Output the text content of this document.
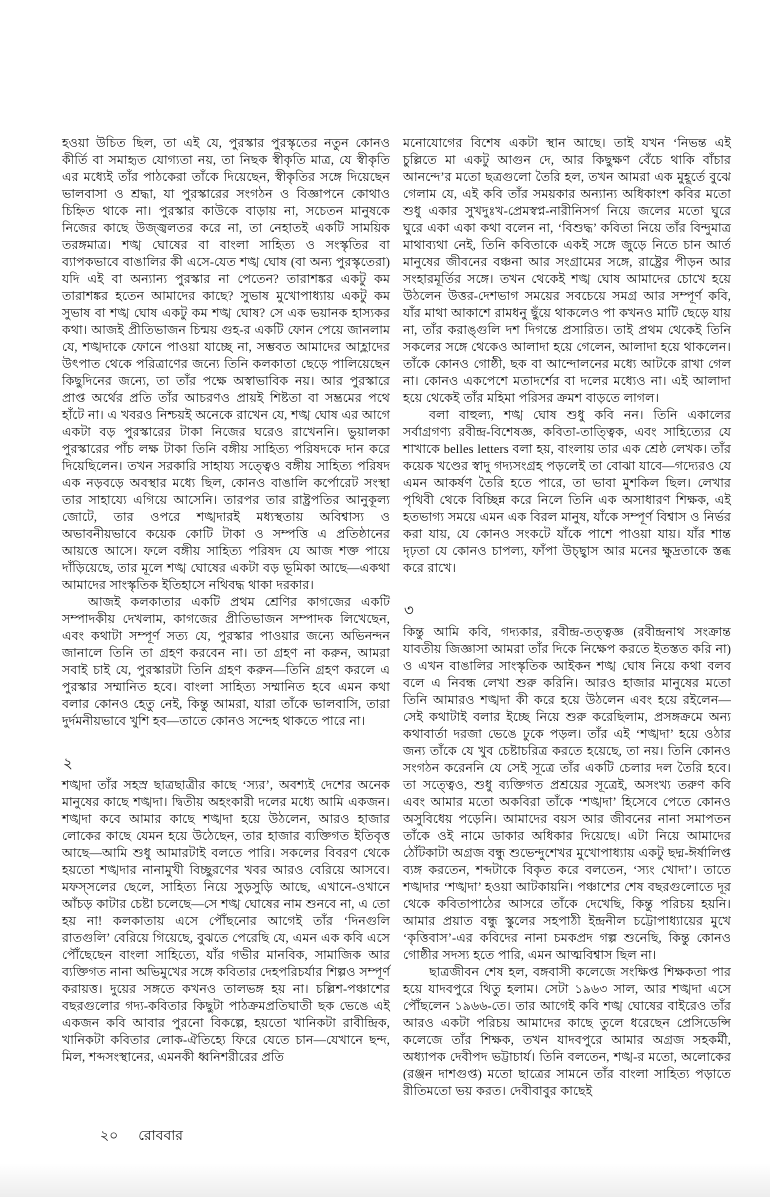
হওয়া উচিত ছিল, তা এই যে, পুরস্কার পুরস্কৃতের নতুন কোনও কীর্তি বা সমাহৃত যোগ্যতা নয়, তা নিছক স্বীকৃতি মাত্র, যে স্বীকৃতি এর মধ্যেই তাঁর পাঠকেরা তাঁকে দিয়েছেন, স্বীকৃতির সঙ্গে দিয়েছেন ভালবাসা ও শ্রদ্ধা, যা পুরস্কারের সংগঠন ও বিজ্ঞাপনে কোথাও চিহ্নিত থাকে না। পুরস্কার কাউকে বাড়ায় না, সচেতন মানুষকে নিজের কাছে উজ্জ্বলতর করে না, তা নেহাতই একটি সাময়িক তরঙ্গমাত্র। শঙ্খ ঘোষের বা বাংলা সাহিত্য ও সংস্কৃতির বা ব্যাপকভাবে বাঙালির কী এসে-যেত শঙ্খ ঘোষ (বা অন্য পুরস্কৃতেরা) যদি এই বা অন্যান্য পুরস্কার না পেতেন? তারাশঙ্কর একটু কম তারাশঙ্কর হতেন আমাদের কাছে? সুভাষ মুখোপাধ্যায় একটু কম সুভাষ বা শঙ্খ ঘোষ একটু কম শঙ্খ ঘোষ? সে এক ভয়ানক হাস্যকর কথা। আজই প্রীতিভাজন চিন্ময় গুহ-র একটি ফোন পেয়ে জানলাম যে, শঙ্খদাকে ফোনে পাওয়া যাচ্ছে না, সম্ভবত আমাদের আহ্লাদের উৎপাত থেকে পরিত্রাণের জন্যে তিনি কলকাতা ছেড়ে পালিয়েছেন কিছুদিনের জন্যে, তা তাঁর পক্ষে অস্বাভাবিক নয়। আর পুরস্কারে প্রাপ্ত অর্থের প্রতি তাঁর আচরণও প্রায়ই শিষ্টতা বা সম্ভ্রমের পথে হাঁটে না। এ খবরও নিশ্চয়ই অনেকে রাখেন যে, শঙ্খ ঘোষ এর আগে একটা বড় পুরস্কারের টাকা নিজের ঘরেও রাখেননি। ভুয়ালকা পুরস্কারের পাঁচ লক্ষ টাকা তিনি বঙ্গীয় সাহিত্য পরিষদকে দান করে দিয়েছিলেন। তখন সরকারি সাহায্য সত্ত্বেও বঙ্গীয় সাহিত্য পরিষদ এক নড়বড়ে অবস্থার মধ্যে ছিল, কোনও বাঙালি কর্পোরেট সংস্থা তার সাহায্যে এগিয়ে আসেনি। তারপর তার রাষ্ট্রপতির আনুকূল্য জোটে, তার ওপরে শঙ্খদারই মধ্যস্থতায় অবিশ্বাস্য ও অভাবনীয়ভাবে কয়েক কোটি টাকা ও সম্পত্তি এ প্রতিষ্ঠানের আয়ত্তে আসে। ফলে বঙ্গীয় সাহিত্য পরিষদ যে আজ শক্ত পায়ে দাঁড়িয়েছে, তার মূলে শঙ্খ ঘোষের একটা বড় ভূমিকা আছে—একথা আমাদের সাংস্কৃতিক ইতিহাসে নথিবদ্ধ থাকা দরকার।

আজই কলকাতার একটি প্রথম শ্রেণির কাগজের একটি সম্পাদকীয় দেখলাম, কাগজের প্রীতিভাজন সম্পাদক লিখেছেন, এবং কথাটা সম্পূর্ণ সত্য যে, পুরস্কার পাওয়ার জন্যে অভিনন্দন জানালে তিনি তা গ্রহণ করবেন না। তা গ্রহণ না করুন, আমরা সবাই চাই যে, পুরস্কারটা তিনি গ্রহণ করুন—তিনি গ্রহণ করলে এ পুরস্কার সম্মানিত হবে। বাংলা সাহিত্য সম্মানিত হবে এমন কথা বলার কোনও হেতু নেই, কিন্তু আমরা, যারা তাঁকে ভালবাসি, তারা দুর্দমনীয়ভাবে খুশি হব—তাতে কোনও সন্দেহ থাকতে পারে না।

২

শঙ্খদা তাঁর সহস্র ছাত্রছাত্রীর কাছে ‘স্যর’, অবশ্যই দেশের অনেক মানুষের কাছে শঙ্খদা। দ্বিতীয় অহংকারী দলের মধ্যে আমি একজন। শঙ্খদা কবে আমার কাছে শঙ্খদা হয়ে উঠলেন, আরও হাজার লোকের কাছে যেমন হয়ে উঠেছেন, তার হাজার ব্যক্তিগত ইতিবৃত্ত আছে—আমি শুধু আমারটাই বলতে পারি। সকলের বিবরণ থেকে হয়তো শঙ্খদার নানামুখী বিচ্ছুরণের খবর আরও বেরিয়ে আসবে। মফস্সলের ছেলে, সাহিত্য নিয়ে সুড়সুড়ি আছে, এখানে-ওখানে আঁচড় কাটার চেষ্টা চলেছে—সে শঙ্খ ঘোষের নাম শুনবে না, এ তো হয় না! কলকাতায় এসে পৌঁছনোর আগেই তাঁর ‘দিনগুলি রাতগুলি’ বেরিয়ে গিয়েছে, বুঝতে পেরেছি যে, এমন এক কবি এসে পৌঁছেছেন বাংলা সাহিত্যে, যাঁর গভীর মানবিক, সামাজিক আর ব্যক্তিগত নানা অভিমুখের সঙ্গে কবিতার দেহপরিচর্যার শিল্পও সম্পূর্ণ করায়ত্ত। দুয়ের সঙ্গতে কখনও তালভঙ্গ হয় না। চল্লিশ-পঞ্চাশের বছরগুলোর গদ্য-কবিতার কিছুটা পাঠক্রমপ্রতিঘাতী ছক ভেঙে এই একজন কবি আবার পুরনো বিকল্পে, হয়তো খানিকটা রাবীন্দ্রিক, খানিকটা কবিতার লোক-ঐতিহ্যে ফিরে যেতে চান—যেখানে ছন্দ, মিল, শব্দসংস্থানের, এমনকী ধ্বনিশরীরের প্রতি

মনোযোগের বিশেষ একটা স্থান আছে। তাই যখন ‘নিভন্ত এই চুল্লিতে মা একটু আগুন দে, আর কিছুক্ষণ বেঁচে থাকি বাঁচার আনন্দে’র মতো ছত্রগুলো তৈরি হল, তখন আমরা এক মুহূর্তে বুঝে গেলাম যে, এই কবি তাঁর সময়কার অন্যান্য অধিকাংশ কবির মতো শুধু একার সুখদুঃখ-প্রেমস্বপ্ন-নারীনিসর্গ নিয়ে জলের মতো ঘুরে ঘুরে একা একা কথা বলেন না, ‘বিশুদ্ধ’ কবিতা নিয়ে তাঁর বিন্দুমাত্র মাথাব্যথা নেই, তিনি কবিতাকে একই সঙ্গে জুড়ে নিতে চান আর্ত মানুষের জীবনের বঞ্চনা আর সংগ্রামের সঙ্গে, রাষ্ট্রের পীড়ন আর সংহারমূর্তির সঙ্গে। তখন থেকেই শঙ্খ ঘোষ আমাদের চোখে হয়ে উঠলেন উত্তর-দেশভাগ সময়ের সবচেয়ে সমগ্র আর সম্পূর্ণ কবি, যাঁর মাথা আকাশে রামধনু ছুঁয়ে থাকলেও পা কখনও মাটি ছেড়ে যায় না, তাঁর করাঙ্গুলি দশ দিগন্তে প্রসারিত। তাই প্রথম থেকেই তিনি সকলের সঙ্গে থেকেও আলাদা হয়ে গেলেন, আলাদা হয়ে থাকলেন। তাঁকে কোনও গোষ্ঠী, ছক বা আন্দোলনের মধ্যে আটকে রাখা গেল না। কোনও একপেশে মতাদর্শের বা দলের মধ্যেও না। এই আলাদা হয়ে থেকেই তাঁর মহিমা পরিসর ক্রমশ বাড়তে লাগল।

বলা বাহুল্য, শঙ্খ ঘোষ শুধু কবি নন। তিনি একালের সর্বাগ্রগণ্য রবীন্দ্র-বিশেষজ্ঞ, কবিতা-তাত্ত্বিক, এবং সাহিত্যের যে শাখাকে belles letters বলা হয়, বাংলায় তার এক শ্রেষ্ঠ লেখক। তাঁর কয়েক খণ্ডের স্বাদু গদ্যসংগ্রহ পড়লেই তা বোঝা যাবে—গদ্যেরও যে এমন আকর্ষণ তৈরি হতে পারে, তা ভাবা মুশকিল ছিল। লেখার পৃথিবী থেকে বিচ্ছিন্ন করে নিলে তিনি এক অসাধারণ শিক্ষক, এই হতভাগ্য সময়ে এমন এক বিরল মানুষ, যাঁকে সম্পূর্ণ বিশ্বাস ও নির্ভর করা যায়, যে কোনও সংকটে যাঁকে পাশে পাওয়া যায়। যাঁর শান্ত দৃঢ়তা যে কোনও চাপল্য, ফাঁপা উচ্ছ্বাস আর মনের ক্ষুদ্রতাকে স্তব্ধ করে রাখে।

৩

কিন্তু আমি কবি, গদ্যকার, রবীন্দ্র-তত্ত্বজ্ঞ (রবীন্দ্রনাথ সংক্রান্ত যাবতীয় জিজ্ঞাসা আমরা তাঁর দিকে নিক্ষেপ করতে ইতস্তত করি না) ও এখন বাঙালির সাংস্কৃতিক আইকন শঙ্খ ঘোষ নিয়ে কথা বলব বলে এ নিবন্ধ লেখা শুরু করিনি। আরও হাজার মানুষের মতো তিনি আমারও শঙ্খদা কী করে হয়ে উঠলেন এবং হয়ে রইলেন—সেই কথাটাই বলার ইচ্ছে নিয়ে শুরু করেছিলাম, প্রসঙ্গক্রমে অন্য কথাবার্তা দরজা ভেঙে ঢুকে পড়ল। তাঁর এই ‘শঙ্খদা’ হয়ে ওঠার জন্য তাঁকে যে খুব চেষ্টাচরিত্র করতে হয়েছে, তা নয়। তিনি কোনও সংগঠন করেননি যে সেই সূত্রে তাঁর একটি চেলার দল তৈরি হবে। তা সত্ত্বেও, শুধু ব্যক্তিগত প্রশ্রয়ের সূত্রেই, অসংখ্য তরুণ কবি এবং আমার মতো অকবিরা তাঁকে ‘শঙ্খদা’ হিসেবে পেতে কোনও অসুবিধেয় পড়েনি। আমাদের বয়স আর জীবনের নানা সমাপতন তাঁকে ওই নামে ডাকার অধিকার দিয়েছে। এটা নিয়ে আমাদের ঠোঁটকাটা অগ্রজ বন্ধু শুভেন্দুশেখর মুখোপাধ্যায় একটু ছদ্ম-ঈর্ষালিপ্ত ব্যঙ্গ করতেন, শব্দটাকে বিকৃত করে বলতেন, ‘স্যং খোদা’। তাতে শঙ্খদার ‘শঙ্খদা’ হওয়া আটকায়নি। পঞ্চাশের শেষ বছরগুলোতে দূর থেকে কবিতাপাঠের আসরে তাঁকে দেখেছি, কিন্তু পরিচয় হয়নি। আমার প্রয়াত বন্ধু স্কুলের সহপাঠী ইন্দ্রনীল চট্টোপাধ্যায়ের মুখে ‘কৃত্তিবাস’-এর কবিদের নানা চমকপ্রদ গল্প শুনেছি, কিন্তু কোনও গোষ্ঠীর সদস্য হতে পারি, এমন আত্মবিশ্বাস ছিল না।

ছাত্রজীবন শেষ হল, বঙ্গবাসী কলেজে সংক্ষিপ্ত শিক্ষকতা পার হয়ে যাদবপুরে থিতু হলাম। সেটা ১৯৬৩ সাল, আর শঙ্খদা এসে পৌঁছলেন ১৯৬৬-তে। তার আগেই কবি শঙ্খ ঘোষের বাইরেও তাঁর আরও একটা পরিচয় আমাদের কাছে তুলে ধরেছেন প্রেসিডেন্সি কলেজে তাঁর শিক্ষক, তখন যাদবপুরে আমার অগ্রজ সহকর্মী, অধ্যাপক দেবীপদ ভট্টাচার্য। তিনি বলতেন, শঙ্খ-র মতো, অলোকের (রঞ্জন দাশগুপ্ত) মতো ছাত্রের সামনে তাঁর বাংলা সাহিত্য পড়াতে রীতিমতো ভয় করত। দেবীবাবুর কাছেই

২০ রোববার
